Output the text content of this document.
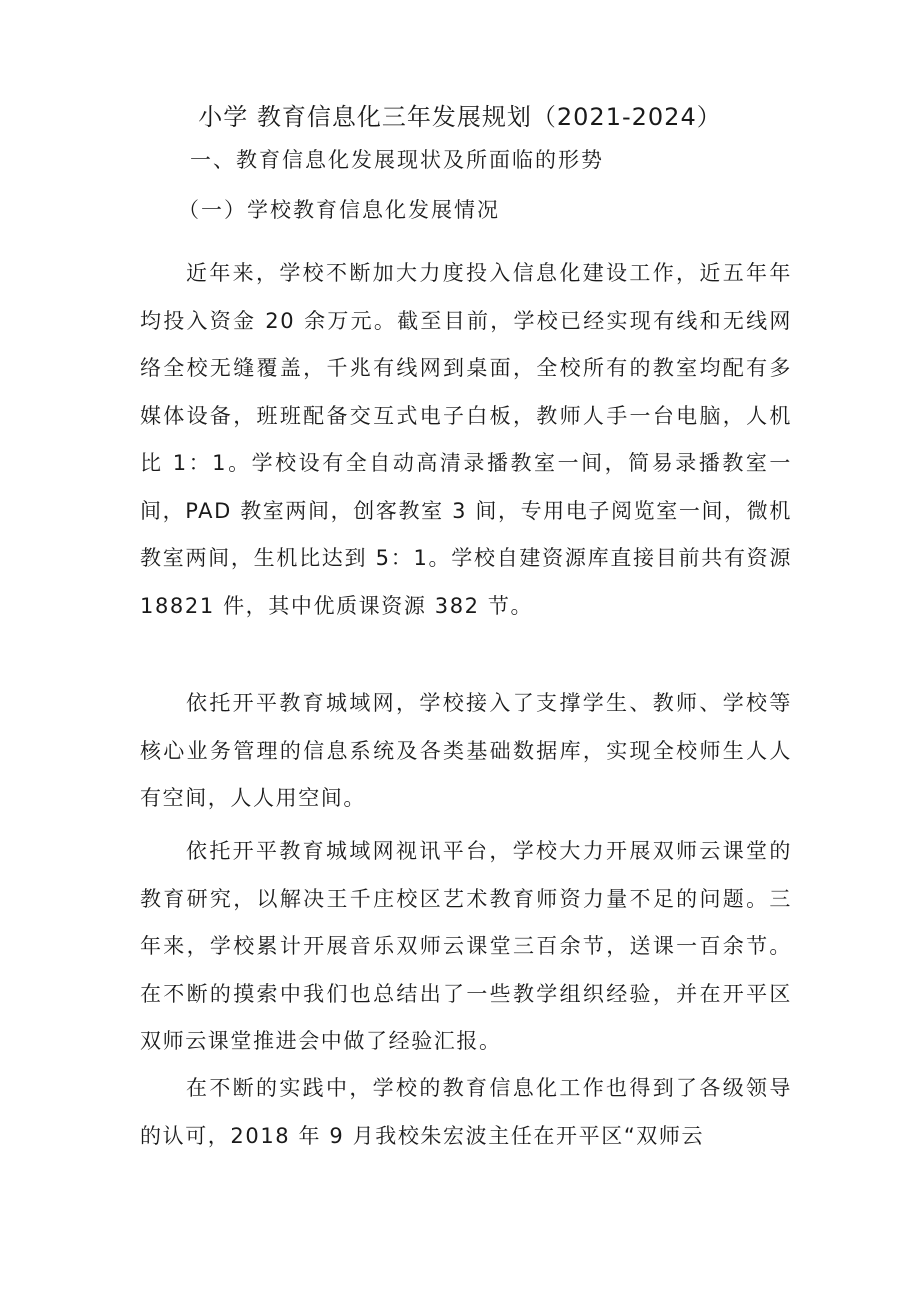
小学 教育信息化三年发展规划（2021-2024）
一、教育信息化发展现状及所面临的形势
（一）学校教育信息化发展情况

近年来，学校不断加大力度投入信息化建设工作，近五年年均投入资金 20 余万元。截至目前，学校已经实现有线和无线网络全校无缝覆盖，千兆有线网到桌面，全校所有的教室均配有多媒体设备，班班配备交互式电子白板，教师人手一台电脑，人机比 1：1。学校设有全自动高清录播教室一间，简易录播教室一间，PAD 教室两间，创客教室 3 间，专用电子阅览室一间，微机教室两间，生机比达到 5：1。学校自建资源库直接目前共有资源 18821 件，其中优质课资源 382 节。

依托开平教育城域网，学校接入了支撑学生、教师、学校等核心业务管理的信息系统及各类基础数据库，实现全校师生人人有空间，人人用空间。

依托开平教育城域网视讯平台，学校大力开展双师云课堂的教育研究，以解决王千庄校区艺术教育师资力量不足的问题。三年来，学校累计开展音乐双师云课堂三百余节，送课一百余节。在不断的摸索中我们也总结出了一些教学组织经验，并在开平区双师云课堂推进会中做了经验汇报。

在不断的实践中，学校的教育信息化工作也得到了各级领导的认可，2018 年 9 月我校朱宏波主任在开平区“双师云
